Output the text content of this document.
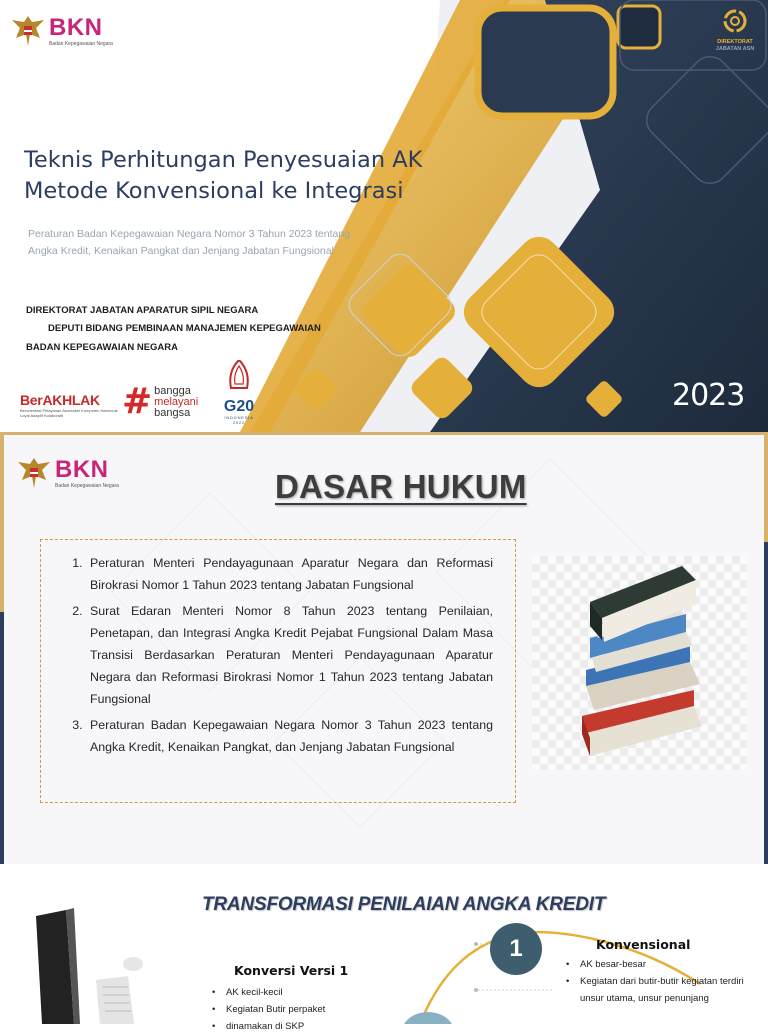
BKN
Badan Kepegawaian Negara	DIREKTORAT
JABATAN ASN
Teknis Perhitungan Penyesuaian AK
Metode Konvensional ke Integrasi
Peraturan Badan Kepegawaian Negara Nomor 3 Tahun 2023 tentang
Angka Kredit, Kenaikan Pangkat dan Jenjang Jabatan Fungsional
DIREKTORAT JABATAN APARATUR SIPIL NEGARA
DEPUTI BIDANG PEMBINAAN MANAJEMEN KEPEGAWAIAN
BADAN KEPEGAWAIAN NEGARA
BerAKHLAK
Berorientasi Pelayanan Akuntabel Kompeten Harmonis Loyal Adaptif Kolaboratif	# bangga
melayani
bangsa	G20
INDONESIA
2022
2023
BKN
Badan Kepegawaian Negara	DASAR HUKUM
1. Peraturan Menteri Pendayagunaan Aparatur Negara dan Reformasi Birokrasi Nomor 1 Tahun 2023 tentang Jabatan Fungsional
2. Surat Edaran Menteri Nomor 8 Tahun 2023 tentang Penilaian, Penetapan, dan Integrasi Angka Kredit Pejabat Fungsional Dalam Masa Transisi Berdasarkan Peraturan Menteri Pendayagunaan Aparatur Negara dan Reformasi Birokrasi Nomor 1 Tahun 2023 tentang Jabatan Fungsional
3. Peraturan Badan Kepegawaian Negara Nomor 3 Tahun 2023 tentang Angka Kredit, Kenaikan Pangkat, dan Jenjang Jabatan Fungsional
TRANSFORMASI PENILAIAN ANGKA KREDIT
1	Konvensional
• AK besar-besar
• Kegiatan dari butir-butir kegiatan terdiri unsur utama, unsur penunjang
Konversi Versi 1
• AK kecil-kecil
• Kegiatan Butir perpaket
• dinamakan di SKP
